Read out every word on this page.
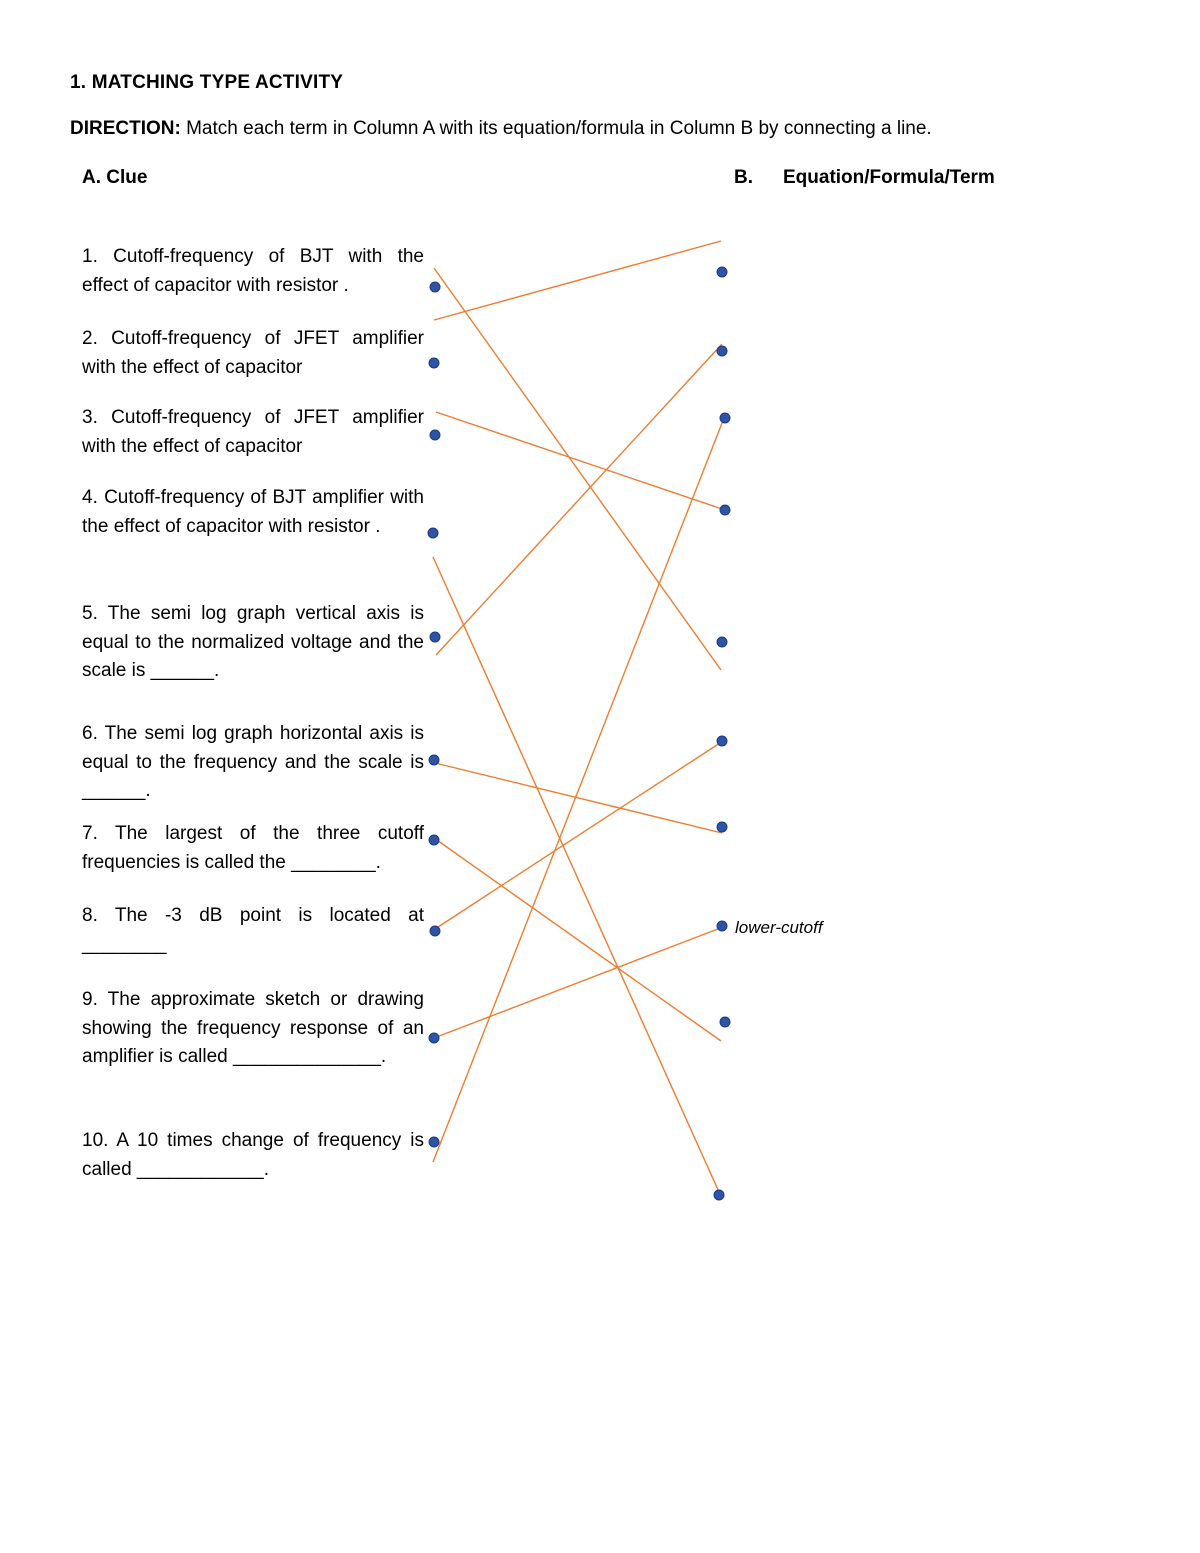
1. MATCHING TYPE ACTIVITY
DIRECTION: Match each term in Column A with its equation/formula in Column B by connecting a line.
A. Clue	B. Equation/Formula/Term
1. Cutoff-frequency of BJT with the effect of capacitor with resistor .
2. Cutoff-frequency of JFET amplifier with the effect of capacitor
3. Cutoff-frequency of JFET amplifier with the effect of capacitor
4. Cutoff-frequency of BJT amplifier with the effect of capacitor with resistor .
5. The semi log graph vertical axis is equal to the normalized voltage and the scale is ______.
6. The semi log graph horizontal axis is equal to the frequency and the scale is ______.
7. The largest of the three cutoff frequencies is called the ________.
8. The -3 dB point is located at ________
9. The approximate sketch or drawing showing the frequency response of an amplifier is called ______________.
10. A 10 times change of frequency is called ____________.
lower-cutoff
